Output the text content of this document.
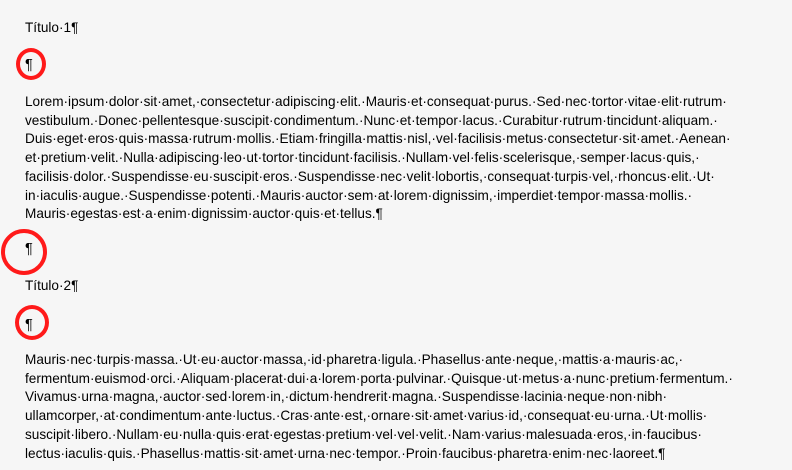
Título·1¶
¶
Lorem·ipsum·dolor·sit·amet,·consectetur·adipiscing·elit.·Mauris·et·consequat·purus.·Sed·nec·tortor·vitae·elit·rutrum·
vestibulum.·Donec·pellentesque·suscipit·condimentum.·Nunc·et·tempor·lacus.·Curabitur·rutrum·tincidunt·aliquam.·
Duis·eget·eros·quis·massa·rutrum·mollis.·Etiam·fringilla·mattis·nisl,·vel·facilisis·metus·consectetur·sit·amet.·Aenean·
et·pretium·velit.·Nulla·adipiscing·leo·ut·tortor·tincidunt·facilisis.·Nullam·vel·felis·scelerisque,·semper·lacus·quis,·
facilisis·dolor.·Suspendisse·eu·suscipit·eros.·Suspendisse·nec·velit·lobortis,·consequat·turpis·vel,·rhoncus·elit.·Ut·
in·iaculis·augue.·Suspendisse·potenti.·Mauris·auctor·sem·at·lorem·dignissim,·imperdiet·tempor·massa·mollis.·
Mauris·egestas·est·a·enim·dignissim·auctor·quis·et·tellus.¶
¶
Título·2¶
¶
Mauris·nec·turpis·massa.·Ut·eu·auctor·massa,·id·pharetra·ligula.·Phasellus·ante·neque,·mattis·a·mauris·ac,·
fermentum·euismod·orci.·Aliquam·placerat·dui·a·lorem·porta·pulvinar.·Quisque·ut·metus·a·nunc·pretium·fermentum.·
Vivamus·urna·magna,·auctor·sed·lorem·in,·dictum·hendrerit·magna.·Suspendisse·lacinia·neque·non·nibh·
ullamcorper,·at·condimentum·ante·luctus.·Cras·ante·est,·ornare·sit·amet·varius·id,·consequat·eu·urna.·Ut·mollis·
suscipit·libero.·Nullam·eu·nulla·quis·erat·egestas·pretium·vel·vel·velit.·Nam·varius·malesuada·eros,·in·faucibus·
lectus·iaculis·quis.·Phasellus·mattis·sit·amet·urna·nec·tempor.·Proin·faucibus·pharetra·enim·nec·laoreet.¶
